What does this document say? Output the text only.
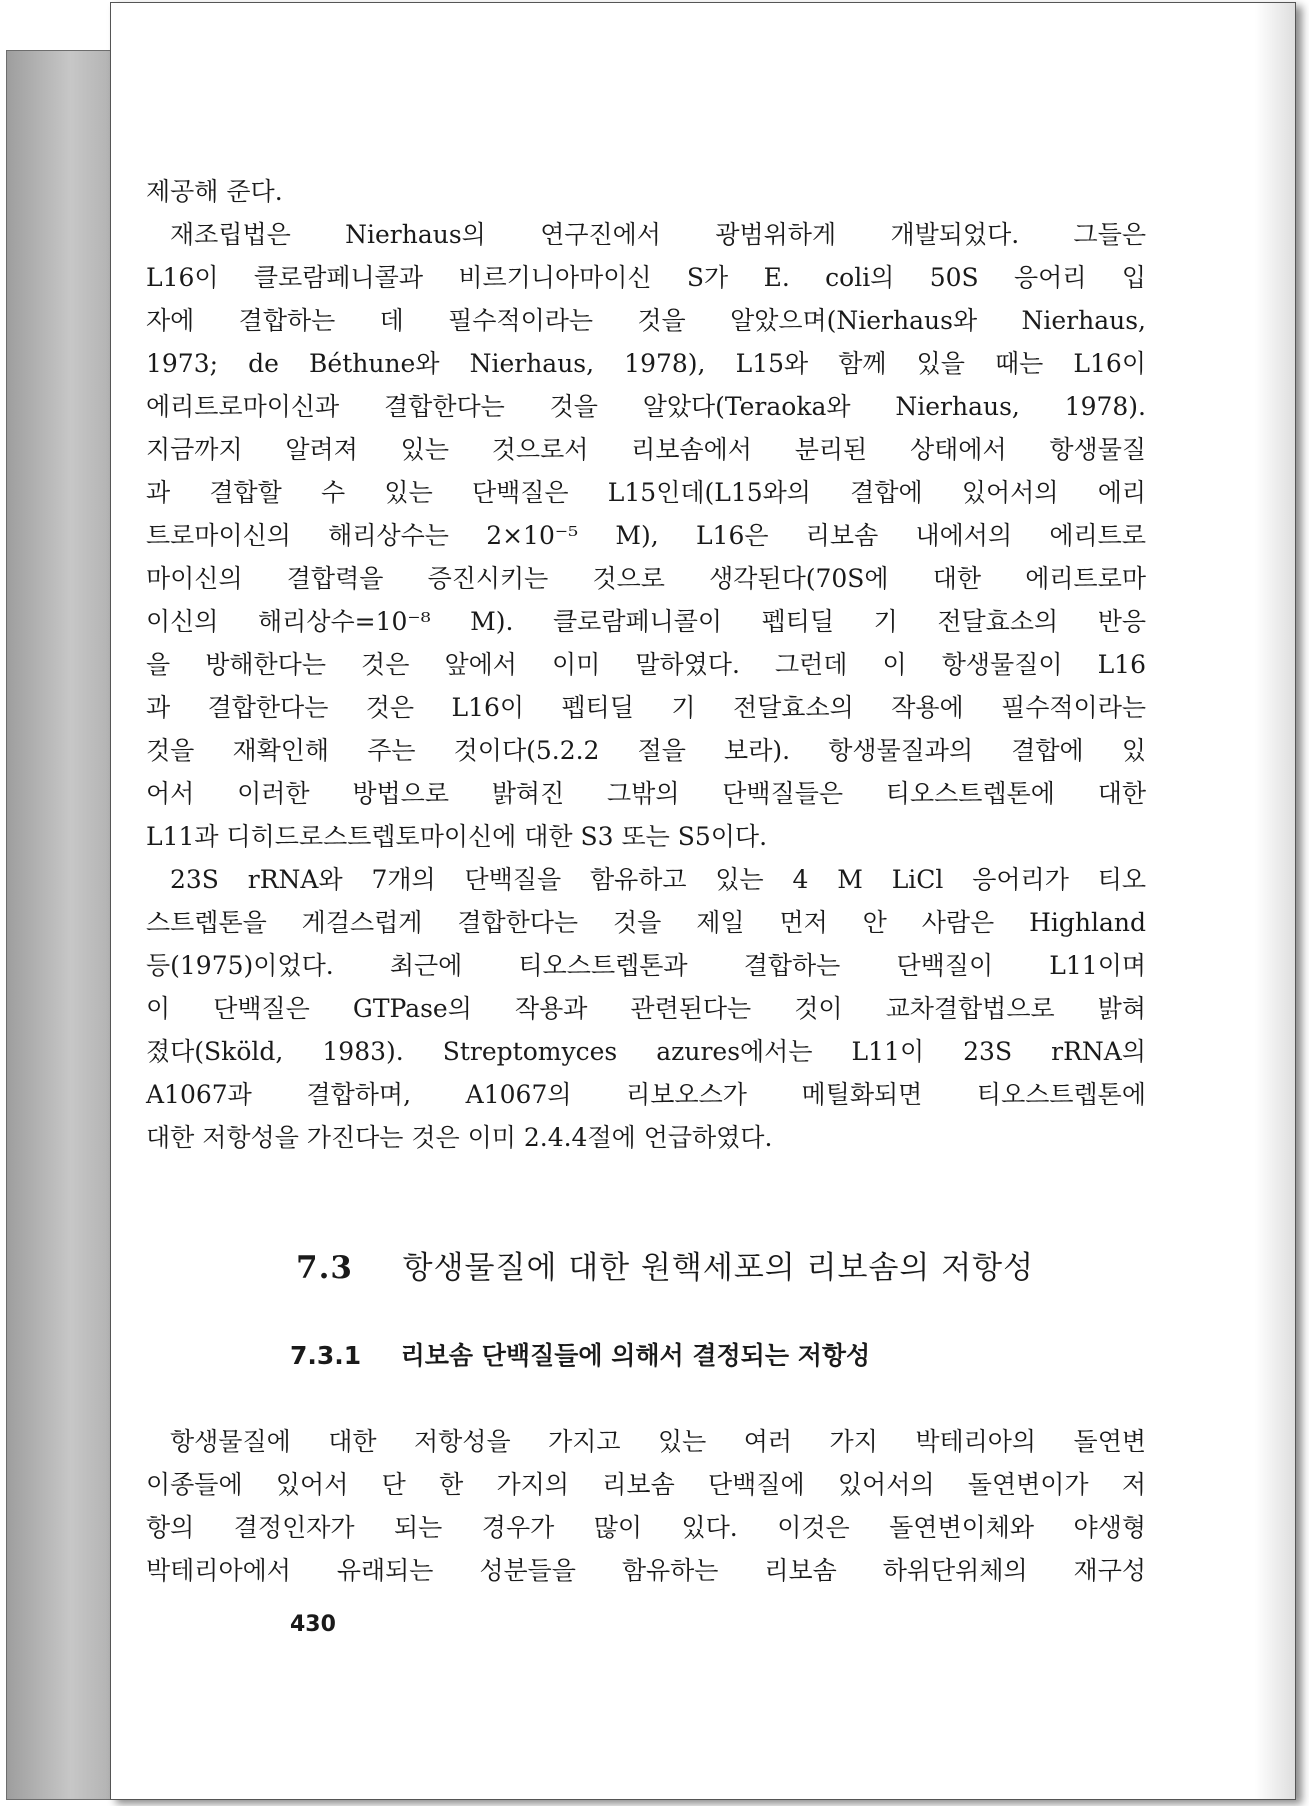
제공해 준다.

재조립법은 Nierhaus의 연구진에서 광범위하게 개발되었다. 그들은
L16이 클로람페니콜과 비르기니아마이신 S가 E. coli의 50S 응어리 입
자에 결합하는 데 필수적이라는 것을 알았으며(Nierhaus와 Nierhaus,
1973; de Béthune와 Nierhaus, 1978), L15와 함께 있을 때는 L16이
에리트로마이신과 결합한다는 것을 알았다(Teraoka와 Nierhaus, 1978).
지금까지 알려져 있는 것으로서 리보솜에서 분리된 상태에서 항생물질
과 결합할 수 있는 단백질은 L15인데(L15와의 결합에 있어서의 에리
트로마이신의 해리상수는 2×10⁻⁵ M), L16은 리보솜 내에서의 에리트로
마이신의 결합력을 증진시키는 것으로 생각된다(70S에 대한 에리트로마
이신의 해리상수=10⁻⁸ M). 클로람페니콜이 펩티딜 기 전달효소의 반응
을 방해한다는 것은 앞에서 이미 말하였다. 그런데 이 항생물질이 L16
과 결합한다는 것은 L16이 펩티딜 기 전달효소의 작용에 필수적이라는
것을 재확인해 주는 것이다(5.2.2 절을 보라). 항생물질과의 결합에 있
어서 이러한 방법으로 밝혀진 그밖의 단백질들은 티오스트렙톤에 대한
L11과 디히드로스트렙토마이신에 대한 S3 또는 S5이다.

23S rRNA와 7개의 단백질을 함유하고 있는 4 M LiCl 응어리가 티오
스트렙톤을 게걸스럽게 결합한다는 것을 제일 먼저 안 사람은 Highland
등(1975)이었다. 최근에 티오스트렙톤과 결합하는 단백질이 L11이며
이 단백질은 GTPase의 작용과 관련된다는 것이 교차결합법으로 밝혀
졌다(Sköld, 1983). Streptomyces azures에서는 L11이 23S rRNA의
A1067과 결합하며, A1067의 리보오스가 메틸화되면 티오스트렙톤에
대한 저항성을 가진다는 것은 이미 2.4.4절에 언급하였다.

7.3 항생물질에 대한 원핵세포의 리보솜의 저항성
7.3.1 리보솜 단백질들에 의해서 결정되는 저항성

항생물질에 대한 저항성을 가지고 있는 여러 가지 박테리아의 돌연변
이종들에 있어서 단 한 가지의 리보솜 단백질에 있어서의 돌연변이가 저
항의 결정인자가 되는 경우가 많이 있다. 이것은 돌연변이체와 야생형
박테리아에서 유래되는 성분들을 함유하는 리보솜 하위단위체의 재구성

430
